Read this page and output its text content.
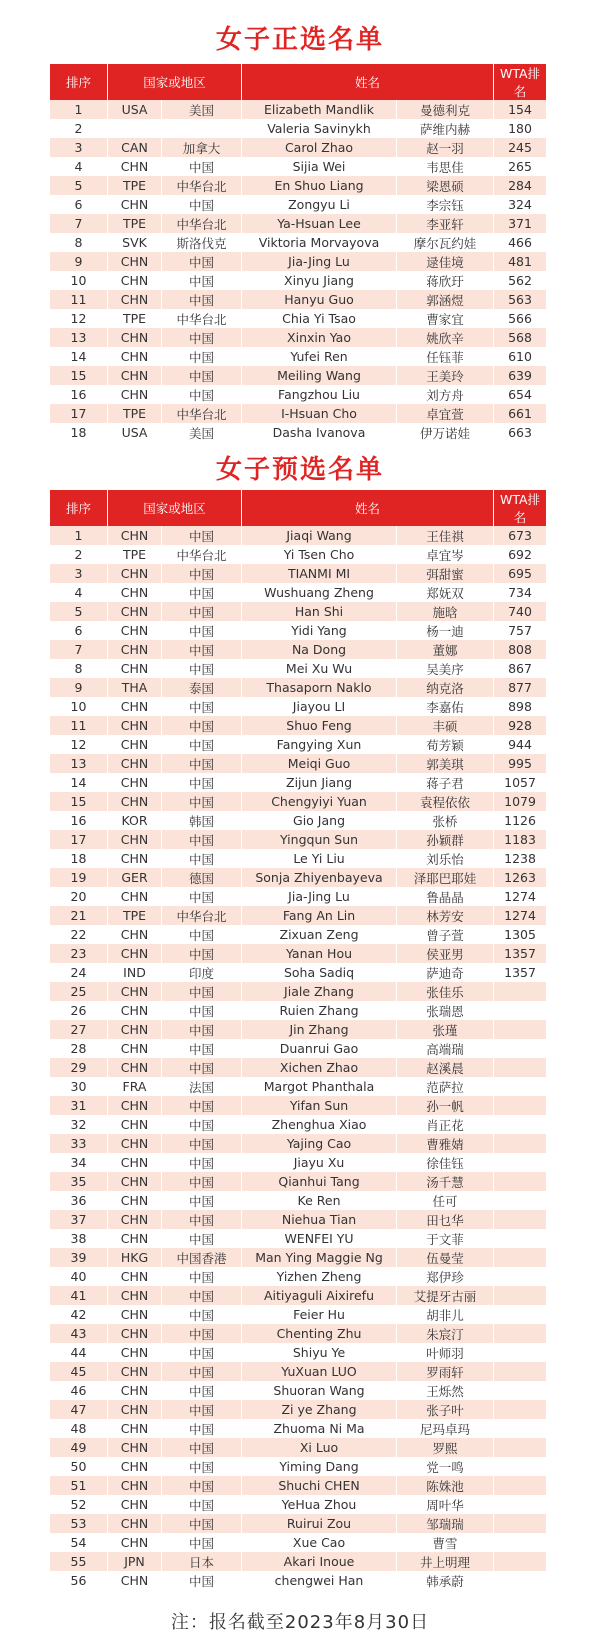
女子正选名单
排序	国家或地区		姓名		WTA排名
1	USA	美国	Elizabeth Mandlik	曼德利克	154
2			Valeria Savinykh	萨维内赫	180
3	CAN	加拿大	Carol Zhao	赵一羽	245
4	CHN	中国	Sijia Wei	韦思佳	265
5	TPE	中华台北	En Shuo Liang	梁恩硕	284
6	CHN	中国	Zongyu Li	李宗钰	324
7	TPE	中华台北	Ya-Hsuan Lee	李亚轩	371
8	SVK	斯洛伐克	Viktoria Morvayova	摩尔瓦约娃	466
9	CHN	中国	Jia-Jing Lu	逯佳境	481
10	CHN	中国	Xinyu Jiang	蒋欣玗	562
11	CHN	中国	Hanyu Guo	郭涵煜	563
12	TPE	中华台北	Chia Yi Tsao	曹家宜	566
13	CHN	中国	Xinxin Yao	姚欣辛	568
14	CHN	中国	Yufei Ren	任钰菲	610
15	CHN	中国	Meiling Wang	王美玲	639
16	CHN	中国	Fangzhou Liu	刘方舟	654
17	TPE	中华台北	I-Hsuan Cho	卓宜萱	661
18	USA	美国	Dasha Ivanova	伊万诺娃	663
女子预选名单
排序	国家或地区		姓名		WTA排名
1	CHN	中国	Jiaqi Wang	王佳祺	673
2	TPE	中华台北	Yi Tsen Cho	卓宜岑	692
3	CHN	中国	TIANMI MI	弭甜蜜	695
4	CHN	中国	Wushuang Zheng	郑妩双	734
5	CHN	中国	Han Shi	施晗	740
6	CHN	中国	Yidi Yang	杨一迪	757
7	CHN	中国	Na Dong	董娜	808
8	CHN	中国	Mei Xu Wu	吴美序	867
9	THA	泰国	Thasaporn Naklo	纳克洛	877
10	CHN	中国	Jiayou LI	李嘉佑	898
11	CHN	中国	Shuo Feng	丰硕	928
12	CHN	中国	Fangying Xun	荀芳颖	944
13	CHN	中国	Meiqi Guo	郭美琪	995
14	CHN	中国	Zijun Jiang	蒋子君	1057
15	CHN	中国	Chengyiyi Yuan	袁程依依	1079
16	KOR	韩国	Gio Jang	张桥	1126
17	CHN	中国	Yingqun Sun	孙颖群	1183
18	CHN	中国	Le Yi Liu	刘乐怡	1238
19	GER	德国	Sonja Zhiyenbayeva	泽耶巴耶娃	1263
20	CHN	中国	Jia-Jing Lu	鲁晶晶	1274
21	TPE	中华台北	Fang An Lin	林芳安	1274
22	CHN	中国	Zixuan Zeng	曾子萱	1305
23	CHN	中国	Yanan Hou	侯亚男	1357
24	IND	印度	Soha Sadiq	萨迪奇	1357
25	CHN	中国	Jiale Zhang	张佳乐	
26	CHN	中国	Ruien Zhang	张瑞恩	
27	CHN	中国	Jin Zhang	张瑾	
28	CHN	中国	Duanrui Gao	高端瑞	
29	CHN	中国	Xichen Zhao	赵溪晨	
30	FRA	法国	Margot Phanthala	范萨拉	
31	CHN	中国	Yifan Sun	孙一帆	
32	CHN	中国	Zhenghua Xiao	肖正花	
33	CHN	中国	Yajing Cao	曹雅婧	
34	CHN	中国	Jiayu Xu	徐佳钰	
35	CHN	中国	Qianhui Tang	汤千慧	
36	CHN	中国	Ke Ren	任可	
37	CHN	中国	Niehua Tian	田乜华	
38	CHN	中国	WENFEI YU	于文菲	
39	HKG	中国香港	Man Ying Maggie Ng	伍曼莹	
40	CHN	中国	Yizhen Zheng	郑伊珍	
41	CHN	中国	Aitiyaguli Aixirefu	艾提牙古丽	
42	CHN	中国	Feier Hu	胡非儿	
43	CHN	中国	Chenting Zhu	朱宸汀	
44	CHN	中国	Shiyu Ye	叶师羽	
45	CHN	中国	YuXuan LUO	罗雨轩	
46	CHN	中国	Shuoran Wang	王烁然	
47	CHN	中国	Zi ye Zhang	张子叶	
48	CHN	中国	Zhuoma Ni Ma	尼玛卓玛	
49	CHN	中国	Xi Luo	罗熙	
50	CHN	中国	Yiming Dang	党一鸣	
51	CHN	中国	Shuchi CHEN	陈姝池	
52	CHN	中国	YeHua Zhou	周叶华	
53	CHN	中国	Ruirui Zou	邹瑞瑞	
54	CHN	中国	Xue Cao	曹雪	
55	JPN	日本	Akari Inoue	井上明理	
56	CHN	中国	chengwei Han	韩承蔚	
注：报名截至2023年8月30日
